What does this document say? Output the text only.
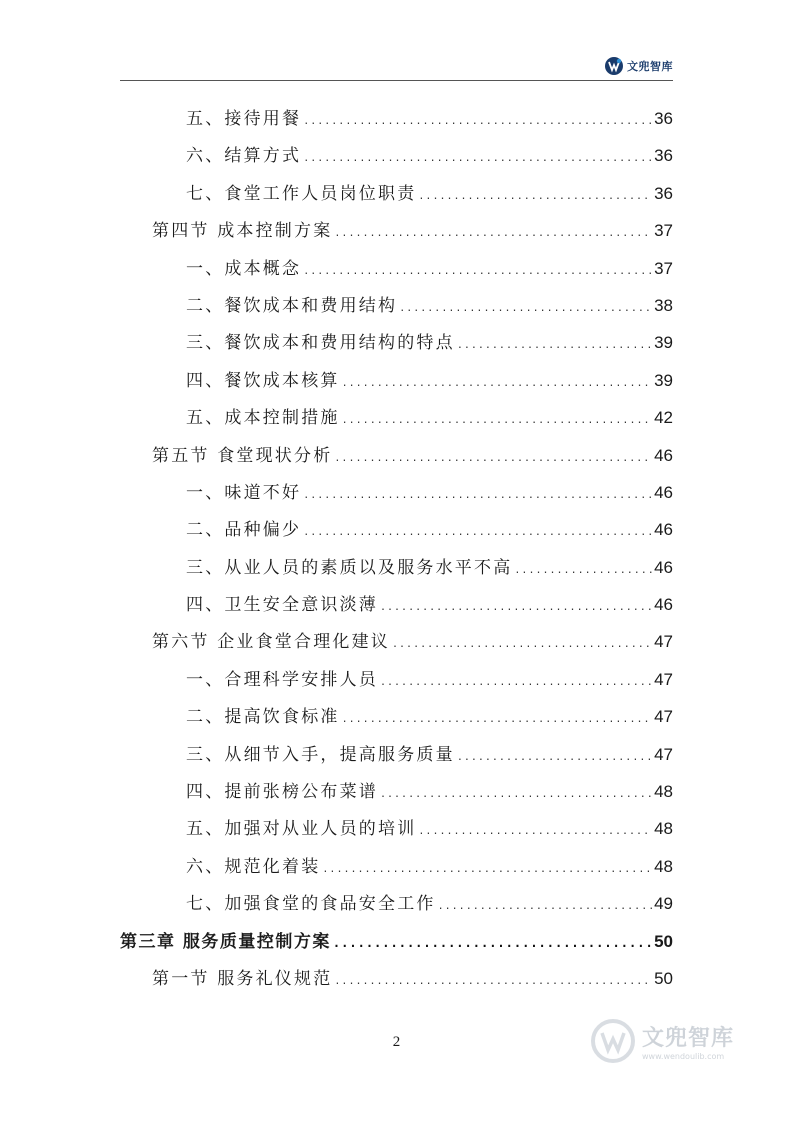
文兜智库
五、接待用餐 .....	36
六、结算方式 .....	36
七、食堂工作人员岗位职责 .....	36
第四节 成本控制方案 .....	37
一、成本概念 .....	37
二、餐饮成本和费用结构 .....	38
三、餐饮成本和费用结构的特点 .....	39
四、餐饮成本核算 .....	39
五、成本控制措施 .....	42
第五节 食堂现状分析 .....	46
一、味道不好 .....	46
二、品种偏少 .....	46
三、从业人员的素质以及服务水平不高 .....	46
四、卫生安全意识淡薄 .....	46
第六节 企业食堂合理化建议 .....	47
一、合理科学安排人员 .....	47
二、提高饮食标准 .....	47
三、从细节入手，提高服务质量 .....	47
四、提前张榜公布菜谱 .....	48
五、加强对从业人员的培训 .....	48
六、规范化着装 .....	48
七、加强食堂的食品安全工作 .....	49
第三章 服务质量控制方案 .....	50
第一节 服务礼仪规范 .....	50
2	文兜智库
www.wendoulib.com
